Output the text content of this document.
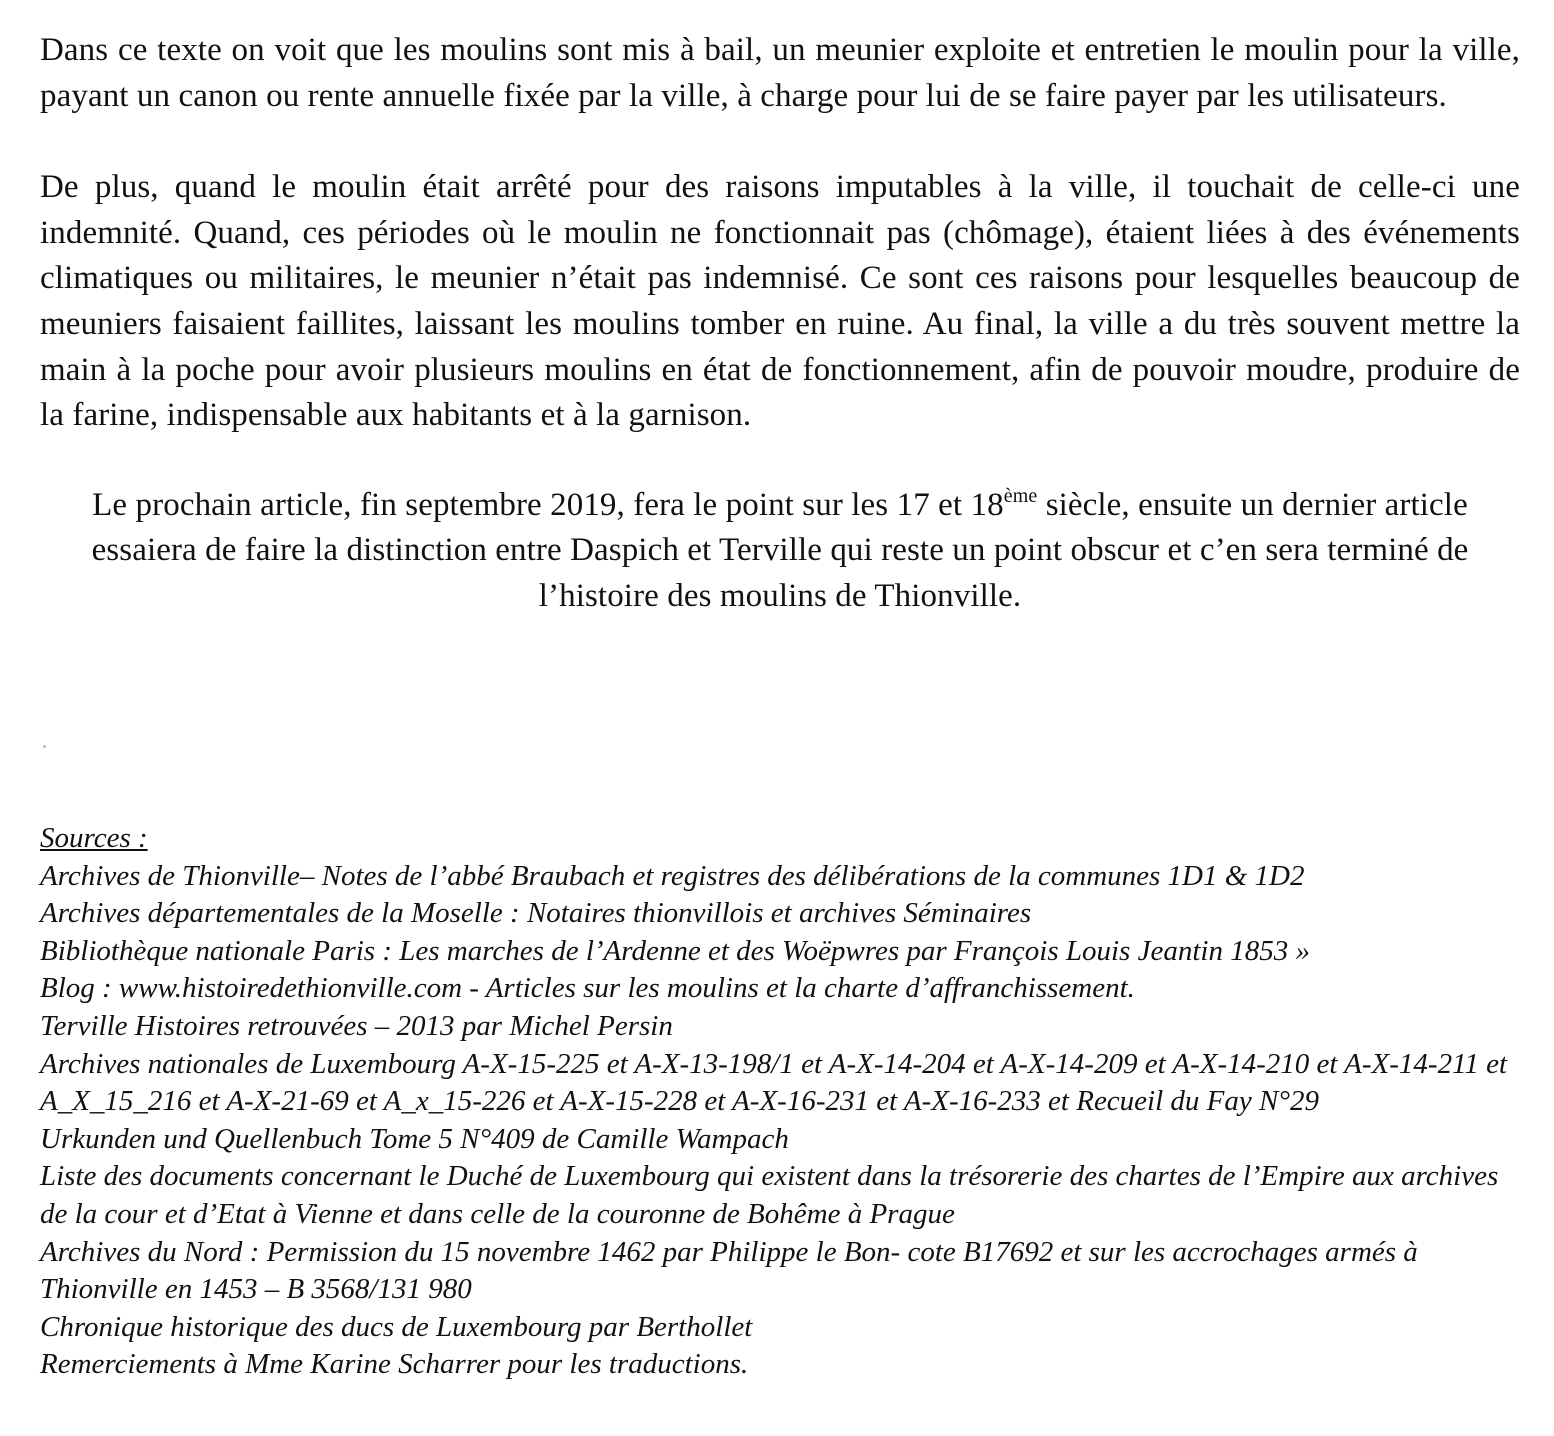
Dans ce texte on voit que les moulins sont mis à bail, un meunier exploite et entretien le moulin pour la ville, payant un canon ou rente annuelle fixée par la ville, à charge pour lui de se faire payer par les utilisateurs.

De plus, quand le moulin était arrêté pour des raisons imputables à la ville, il touchait de celle-ci une indemnité. Quand, ces périodes où le moulin ne fonctionnait pas (chômage), étaient liées à des événements climatiques ou militaires, le meunier n’était pas indemnisé. Ce sont ces raisons pour lesquelles beaucoup de meuniers faisaient faillites, laissant les moulins tomber en ruine. Au final, la ville a du très souvent mettre la main à la poche pour avoir plusieurs moulins en état de fonctionnement, afin de pouvoir moudre, produire de la farine, indispensable aux habitants et à la garnison.

Le prochain article, fin septembre 2019, fera le point sur les 17 et 18ème siècle, ensuite un dernier article essaiera de faire la distinction entre Daspich et Terville qui reste un point obscur et c’en sera terminé de l’histoire des moulins de Thionville.

Sources :
Archives de Thionville– Notes de l’abbé Braubach et registres des délibérations de la communes 1D1 & 1D2
Archives départementales de la Moselle : Notaires thionvillois et archives Séminaires
Bibliothèque nationale Paris : Les marches de l’Ardenne et des Woëpwres par François Louis Jeantin 1853 »
Blog : www.histoiredethionville.com - Articles sur les moulins et la charte d’affranchissement.
Terville Histoires retrouvées – 2013 par Michel Persin
Archives nationales de Luxembourg A-X-15-225 et A-X-13-198/1 et A-X-14-204 et A-X-14-209 et A-X-14-210 et A-X-14-211 et A_X_15_216 et A-X-21-69 et A_x_15-226 et A-X-15-228 et A-X-16-231 et A-X-16-233 et Recueil du Fay N°29
Urkunden und Quellenbuch Tome 5 N°409 de Camille Wampach
Liste des documents concernant le Duché de Luxembourg qui existent dans la trésorerie des chartes de l’Empire aux archives de la cour et d’Etat à Vienne et dans celle de la couronne de Bohême à Prague
Archives du Nord : Permission du 15 novembre 1462 par Philippe le Bon- cote B17692 et sur les accrochages armés à Thionville en 1453 – B 3568/131 980
Chronique historique des ducs de Luxembourg par Berthollet
Remerciements à Mme Karine Scharrer pour les traductions.
